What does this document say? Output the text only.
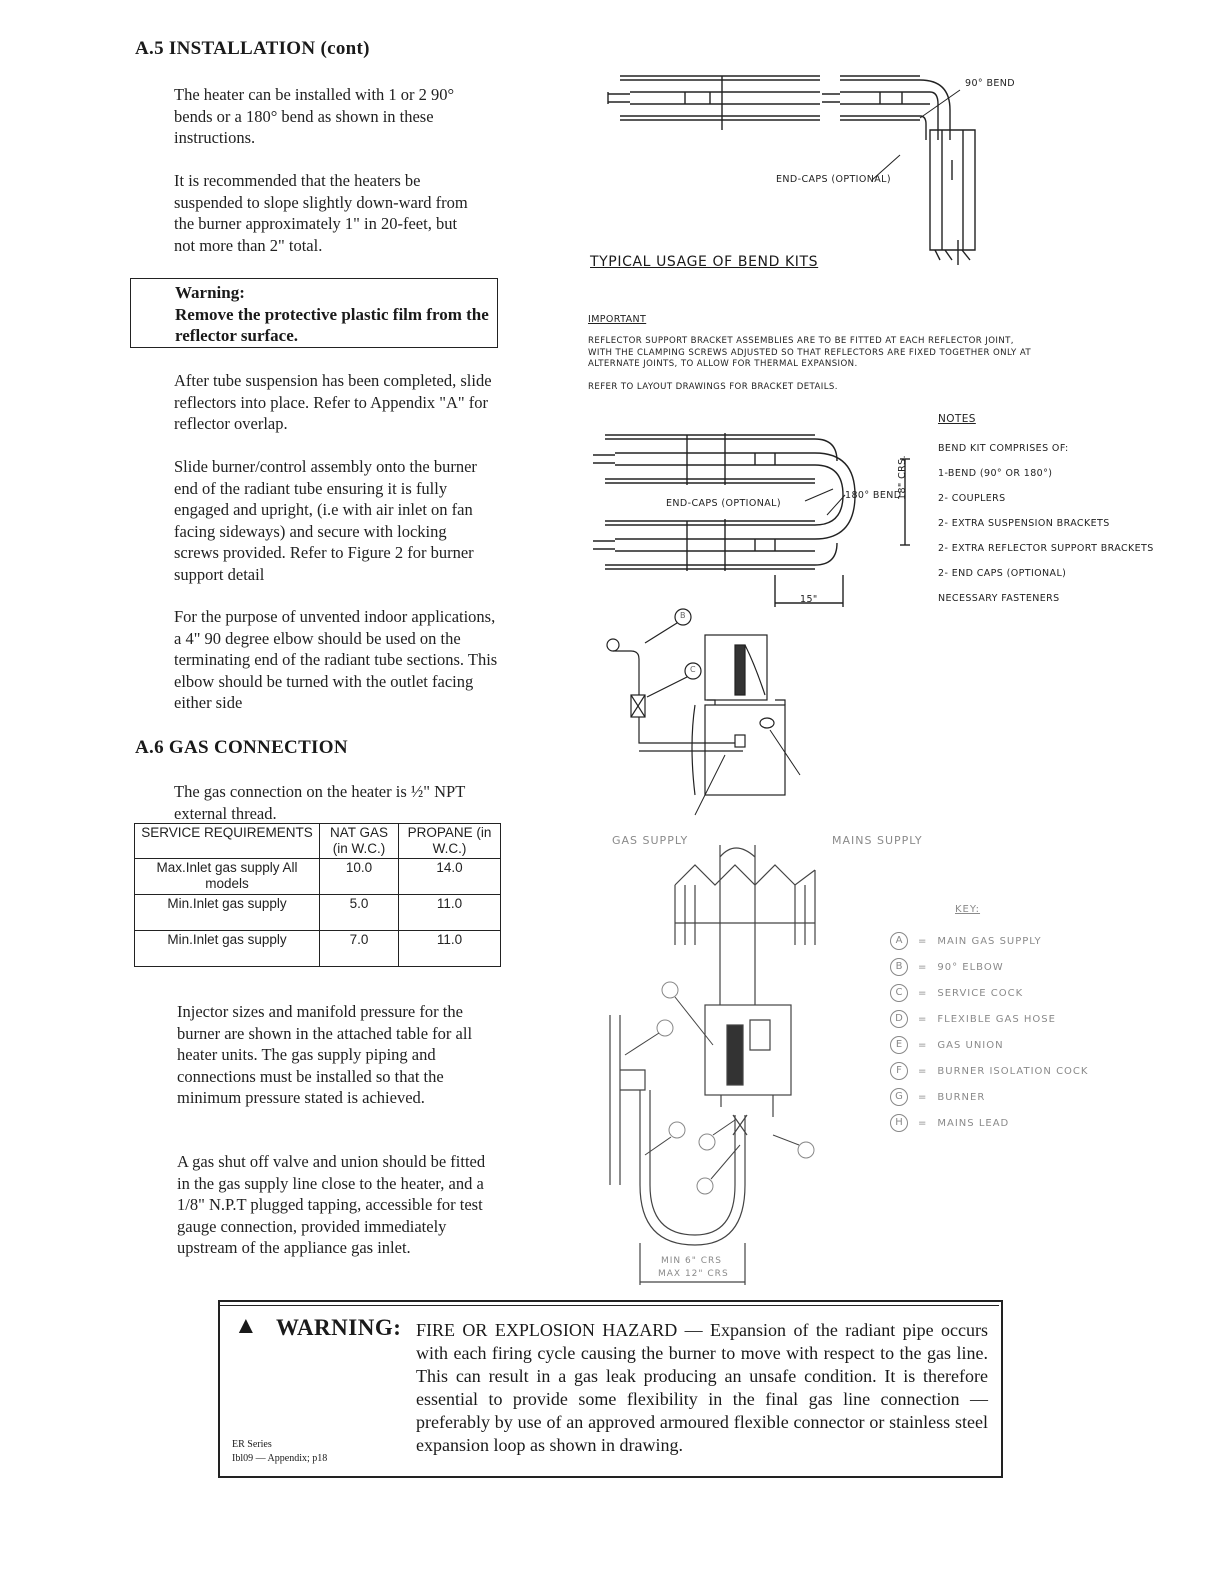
A.5 INSTALLATION (cont)
The heater can be installed with 1 or 2 90° bends or a 180° bend as shown in these instructions.
It is recommended that the heaters be suspended to slope slightly down-ward from the burner approximately 1" in 20-feet, but not more than 2" total.
Warning:
Remove the protective plastic film from the reflector surface.
After tube suspension has been completed, slide reflectors into place. Refer to Appendix "A" for reflector overlap.
Slide burner/control assembly onto the burner end of the radiant tube ensuring it is fully engaged and upright, (i.e with air inlet on fan facing sideways) and secure with locking screws provided. Refer to Figure 2 for burner support detail
For the purpose of unvented indoor applications, a 4" 90 degree elbow should be used on the terminating end of the radiant tube sections. This elbow should be turned with the outlet facing either side
A.6 GAS CONNECTION
The gas connection on the heater is ½" NPT external thread.
SERVICE REQUIREMENTS	NAT GAS (in W.C.)	PROPANE (in W.C.)
Max.Inlet gas supply All models	10.0	14.0
Min.Inlet gas supply	5.0	11.0
Min.Inlet gas supply	7.0	11.0
Injector sizes and manifold pressure for the burner are shown in the attached table for all heater units. The gas supply piping and connections must be installed so that the minimum pressure stated is achieved.
A gas shut off valve and union should be fitted in the gas supply line close to the heater, and a 1/8" N.P.T plugged tapping, accessible for test gauge connection, provided immediately upstream of the appliance gas inlet.
90° BEND
END-CAPS (OPTIONAL)
TYPICAL USAGE OF BEND KITS
IMPORTANT
REFLECTOR SUPPORT BRACKET ASSEMBLIES ARE TO BE FITTED AT EACH REFLECTOR JOINT, WITH THE CLAMPING SCREWS ADJUSTED SO THAT REFLECTORS ARE FIXED TOGETHER ONLY AT ALTERNATE JOINTS, TO ALLOW FOR THERMAL EXPANSION.
REFER TO LAYOUT DRAWINGS FOR BRACKET DETAILS.
END-CAPS (OPTIONAL)
180° BEND
18" CRS.
15"
NOTES
BEND KIT COMPRISES OF:
1-BEND (90° OR 180°)
2- COUPLERS
2- EXTRA SUSPENSION BRACKETS
2- EXTRA REFLECTOR SUPPORT BRACKETS
2- END CAPS (OPTIONAL)
NECESSARY FASTENERS
B
C
GAS SUPPLY	MAINS SUPPLY
MIN 6" CRS
MAX 12" CRS
KEY:
A	= MAIN GAS SUPPLY
B	= 90° ELBOW
C	= SERVICE COCK
D	= FLEXIBLE GAS HOSE
E	= GAS UNION
F	= BURNER ISOLATION COCK
G	= BURNER
H	= MAINS LEAD
▲ WARNING: FIRE OR EXPLOSION HAZARD — Expansion of the radiant pipe occurs with each firing cycle causing the burner to move with respect to the gas line. This can result in a gas leak producing an unsafe condition. It is therefore essential to provide some flexibility in the final gas line connection — preferably by use of an approved armoured flexible connector or stainless steel expansion loop as shown in drawing.
ER Series
Ibl09 — Appendix; p18
